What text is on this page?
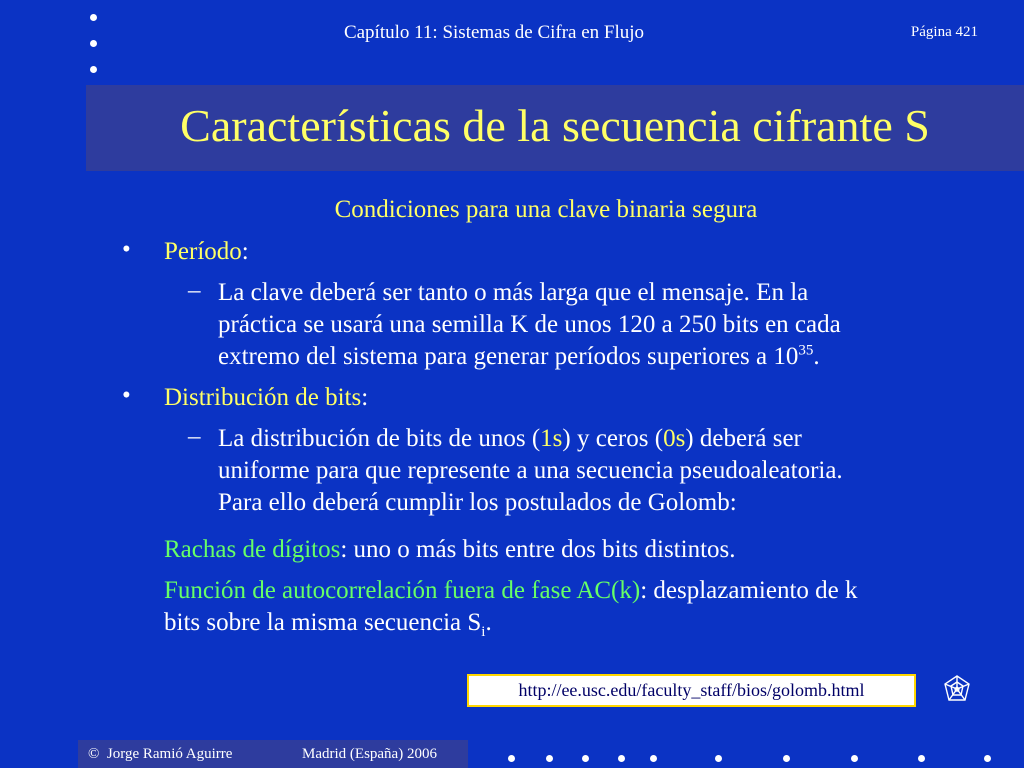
Capítulo 11: Sistemas de Cifra en Flujo	Página 421
Características de la secuencia cifrante S
Condiciones para una clave binaria segura
• Período:
– La clave deberá ser tanto o más larga que el mensaje. En la
práctica se usará una semilla K de unos 120 a 250 bits en cada
extremo del sistema para generar períodos superiores a $10^{35}$.
• Distribución de bits:
– La distribución de bits de unos (1s) y ceros (0s) deberá ser
uniforme para que represente a una secuencia pseudoaleatoria.
Para ello deberá cumplir los postulados de Golomb:
Rachas de dígitos: uno o más bits entre dos bits distintos.
Función de autocorrelación fuera de fase AC(k): desplazamiento de k
bits sobre la misma secuencia $S_i$.
http://ee.usc.edu/faculty_staff/bios/golomb.html
© Jorge Ramió Aguirre	Madrid (España) 2006
